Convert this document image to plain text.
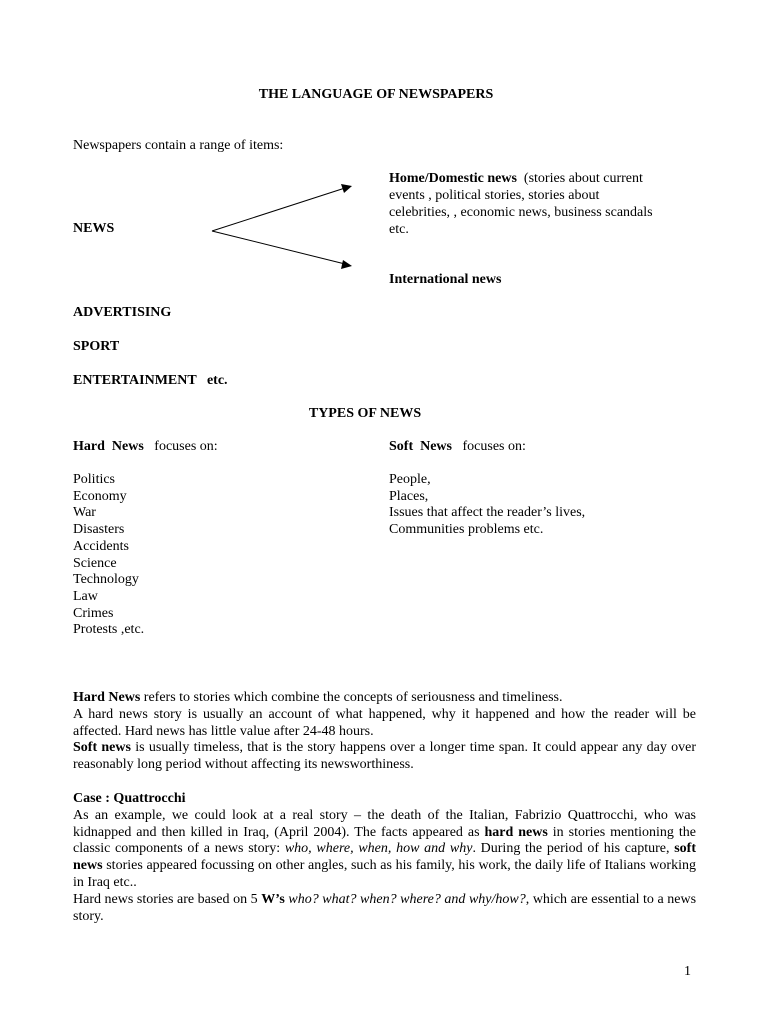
THE LANGUAGE OF NEWSPAPERS
Newspapers contain a range of items:
NEWS
Home/Domestic news (stories about current
events , political stories, stories about
celebrities, , economic news, business scandals
etc.
International news
ADVERTISING
SPORT
ENTERTAINMENT   etc.
TYPES OF NEWS
Hard  News focuses on:	Soft  News focuses on:
Politics
Economy
War
Disasters
Accidents
Science
Technology
Law
Crimes
Protests ,etc.
People,
Places,
Issues that affect the reader’s lives,
Communities problems etc.

Hard News refers to stories which combine the concepts of seriousness and timeliness.

A hard news story is usually an account of what happened, why it happened and how the reader will be affected. Hard news has little value after 24-48 hours.

Soft news is usually timeless, that is the story happens over a longer time span. It could appear any day over reasonably long period without affecting its newsworthiness.

Case : Quattrocchi

As an example, we could look at a real story – the death of the Italian, Fabrizio Quattrocchi, who was kidnapped and then killed in Iraq, (April 2004). The facts appeared as hard news in stories mentioning the classic components of a news story: who, where, when, how and why. During the period of his capture, soft news stories appeared focussing on other angles, such as his family, his work, the daily life of Italians working in Iraq etc..

Hard news stories are based on 5 W’s who? what? when? where? and why/how?, which are essential to a news story.

1
